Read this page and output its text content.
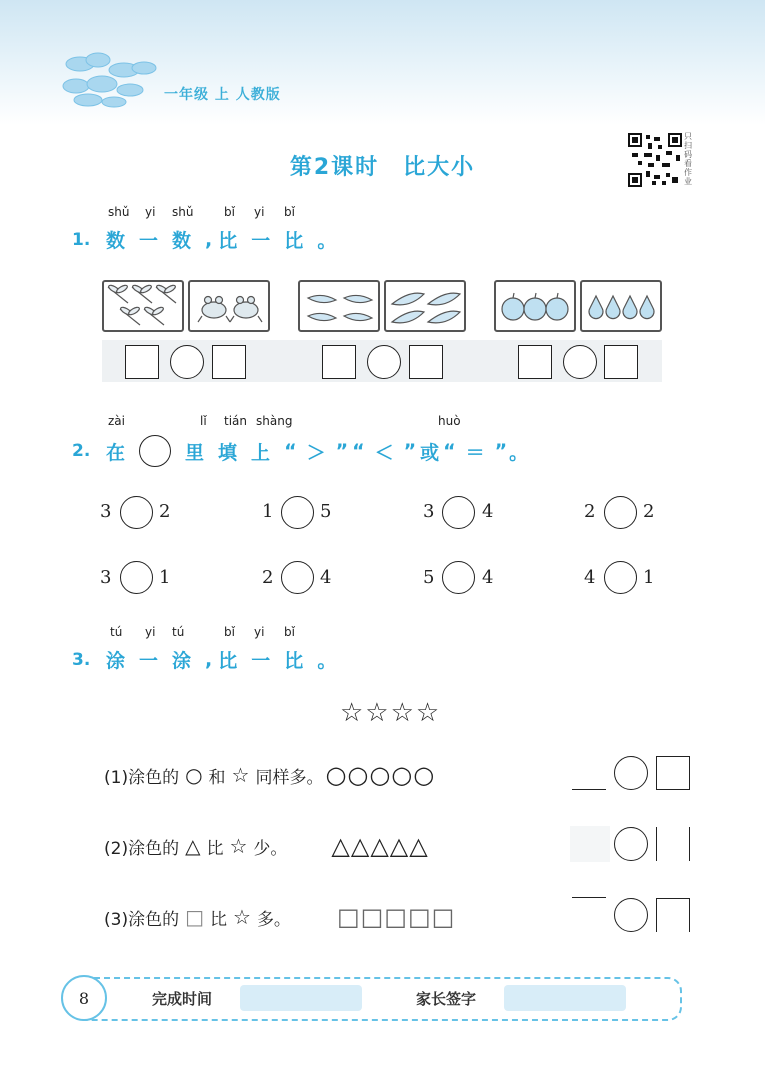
一年级 上 人教版
第2课时　比大小
只扫码看作业
shǔ yi shǔ	bǐ yi bǐ
1. 数 一 数 , 比 一 比 。
zài	lǐ tián shàng	huò
2. 在	里 填 上 “ ＞ ” “ ＜ ” 或 “ ＝ ” 。
3	2	1	5	3	4	2	2
3	1	2	4	5	4	4	1
tú yi tú	bǐ yi bǐ
3. 涂 一 涂 , 比 一 比 。
☆☆☆☆
(1)涂色的 ○ 和 ☆ 同样多。 ○○○○○
(2)涂色的 △ 比 ☆ 少。 △△△△△
(3)涂色的 □ 比 ☆ 多。 □□□□□
8	完成时间	家长签字
